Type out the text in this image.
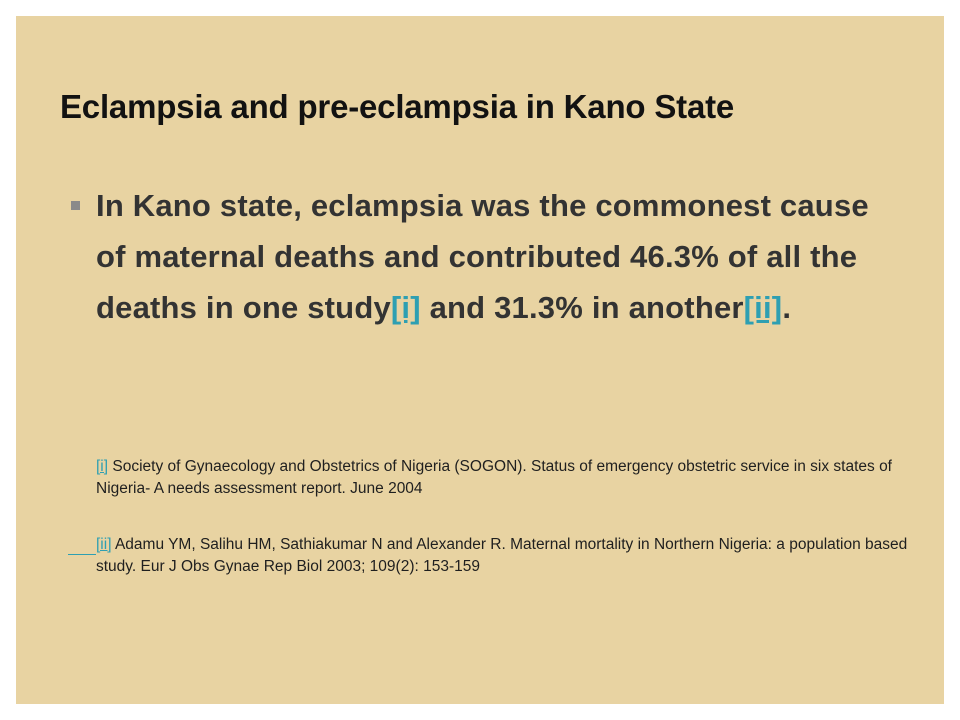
Eclampsia and pre-eclampsia in Kano State
In Kano state, eclampsia was the commonest cause of maternal deaths and contributed 46.3% of all the deaths in one study[i] and 31.3% in another[ii].
[i] Society of Gynaecology and Obstetrics of Nigeria (SOGON). Status of emergency obstetric service in six states of Nigeria- A needs assessment report. June 2004
[ii] Adamu YM, Salihu HM, Sathiakumar N and Alexander R. Maternal mortality in Northern Nigeria: a population based study. Eur J Obs Gynae Rep Biol 2003; 109(2): 153-159
